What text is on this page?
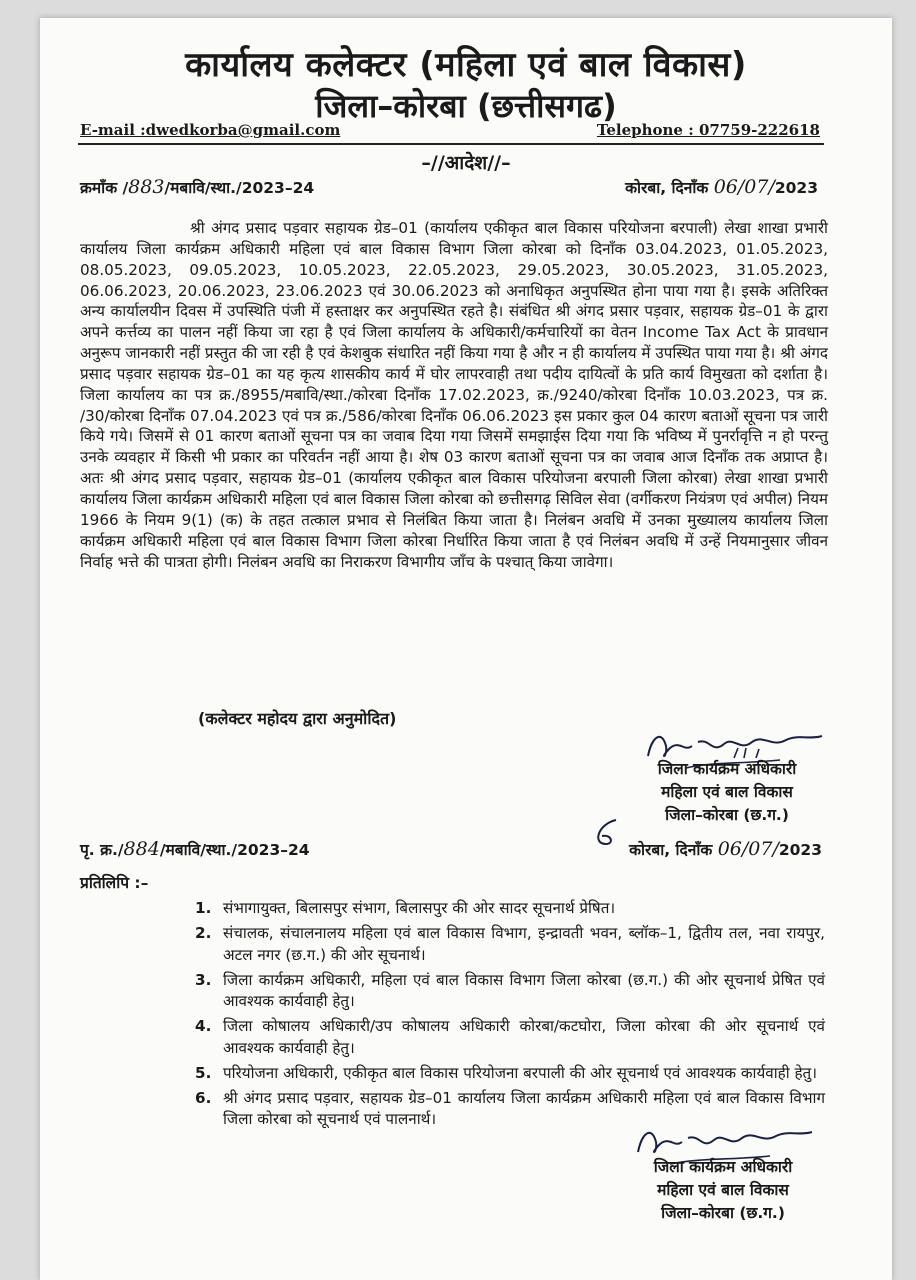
कार्यालय कलेक्टर (महिला एवं बाल विकास)
जिला–कोरबा (छत्तीसगढ)
E-mail :dwedkorba@gmail.com	Telephone : 07759-222618
–//आदेश//–
क्रमाँक /883/मबावि/स्था./2023–24	कोरबा, दिनाँक 06/07/2023
श्री अंगद प्रसाद पड़वार सहायक ग्रेड–01 (कार्यालय एकीकृत बाल विकास परियोजना बरपाली) लेखा शाखा प्रभारी कार्यालय जिला कार्यक्रम अधिकारी महिला एवं बाल विकास विभाग जिला कोरबा को दिनाँक 03.04.2023, 01.05.2023, 08.05.2023, 09.05.2023, 10.05.2023, 22.05.2023, 29.05.2023, 30.05.2023, 31.05.2023, 06.06.2023, 20.06.2023, 23.06.2023 एवं 30.06.2023 को अनाधिकृत अनुपस्थित होना पाया गया है। इसके अतिरिक्त अन्य कार्यालयीन दिवस में उपस्थिति पंजी में हस्ताक्षर कर अनुपस्थित रहते है। संबंधित श्री अंगद प्रसार पड़वार, सहायक ग्रेड–01 के द्वारा अपने कर्त्तव्य का पालन नहीं किया जा रहा है एवं जिला कार्यालय के अधिकारी/कर्मचारियों का वेतन Income Tax Act के प्रावधान अनुरूप जानकारी नहीं प्रस्तुत की जा रही है एवं केशबुक संधारित नहीं किया गया है और न ही कार्यालय में उपस्थित पाया गया है। श्री अंगद प्रसाद पड़वार सहायक ग्रेड–01 का यह कृत्य शासकीय कार्य में घोर लापरवाही तथा पदीय दायित्वों के प्रति कार्य विमुखता को दर्शाता है। जिला कार्यालय का पत्र क्र./8955/मबावि/स्था./कोरबा दिनाँक 17.02.2023, क्र./9240/कोरबा दिनाँक 10.03.2023, पत्र क्र. /30/कोरबा दिनाँक 07.04.2023 एवं पत्र क्र./586/कोरबा दिनाँक 06.06.2023 इस प्रकार कुल 04 कारण बताओं सूचना पत्र जारी किये गये। जिसमें से 01 कारण बताओं सूचना पत्र का जवाब दिया गया जिसमें समझाईस दिया गया कि भविष्य में पुनर्रावृत्ति न हो परन्तु उनके व्यवहार में किसी भी प्रकार का परिवर्तन नहीं आया है। शेष 03 कारण बताओं सूचना पत्र का जवाब आज दिनाँक तक अप्राप्त है। अतः श्री अंगद प्रसाद पड़वार, सहायक ग्रेड–01 (कार्यालय एकीकृत बाल विकास परियोजना बरपाली जिला कोरबा) लेखा शाखा प्रभारी कार्यालय जिला कार्यक्रम अधिकारी महिला एवं बाल विकास जिला कोरबा को छत्तीसगढ़ सिविल सेवा (वर्गीकरण नियंत्रण एवं अपील) नियम 1966 के नियम 9(1) (क) के तहत तत्काल प्रभाव से निलंबित किया जाता है। निलंबन अवधि में उनका मुख्यालय कार्यालय जिला कार्यक्रम अधिकारी महिला एवं बाल विकास विभाग जिला कोरबा निर्धारित किया जाता है एवं निलंबन अवधि में उन्हें नियमानुसार जीवन निर्वाह भत्ते की पात्रता होगी। निलंबन अवधि का निराकरण विभागीय जाँच के पश्चात् किया जावेगा।
(कलेक्टर महोदय द्वारा अनुमोदित)
जिला कार्यक्रम अधिकारी
महिला एवं बाल विकास
जिला–कोरबा (छ.ग.)
पृ. क्र./884/मबावि/स्था./2023–24	कोरबा, दिनाँक 06/07/2023
प्रतिलिपि :–
1. संभागायुक्त, बिलासपुर संभाग, बिलासपुर की ओर सादर सूचनार्थ प्रेषित।
2. संचालक, संचालनालय महिला एवं बाल विकास विभाग, इन्द्रावती भवन, ब्लॉक–1, द्वितीय तल, नवा रायपुर, अटल नगर (छ.ग.) की ओर सूचनार्थ।
3. जिला कार्यक्रम अधिकारी, महिला एवं बाल विकास विभाग जिला कोरबा (छ.ग.) की ओर सूचनार्थ प्रेषित एवं आवश्यक कार्यवाही हेतु।
4. जिला कोषालय अधिकारी/उप कोषालय अधिकारी कोरबा/कटघोरा, जिला कोरबा की ओर सूचनार्थ एवं आवश्यक कार्यवाही हेतु।
5. परियोजना अधिकारी, एकीकृत बाल विकास परियोजना बरपाली की ओर सूचनार्थ एवं आवश्यक कार्यवाही हेतु।
6. श्री अंगद प्रसाद पड़वार, सहायक ग्रेड–01 कार्यालय जिला कार्यक्रम अधिकारी महिला एवं बाल विकास विभाग जिला कोरबा को सूचनार्थ एवं पालनार्थ।
जिला कार्यक्रम अधिकारी
महिला एवं बाल विकास
जिला–कोरबा (छ.ग.)
